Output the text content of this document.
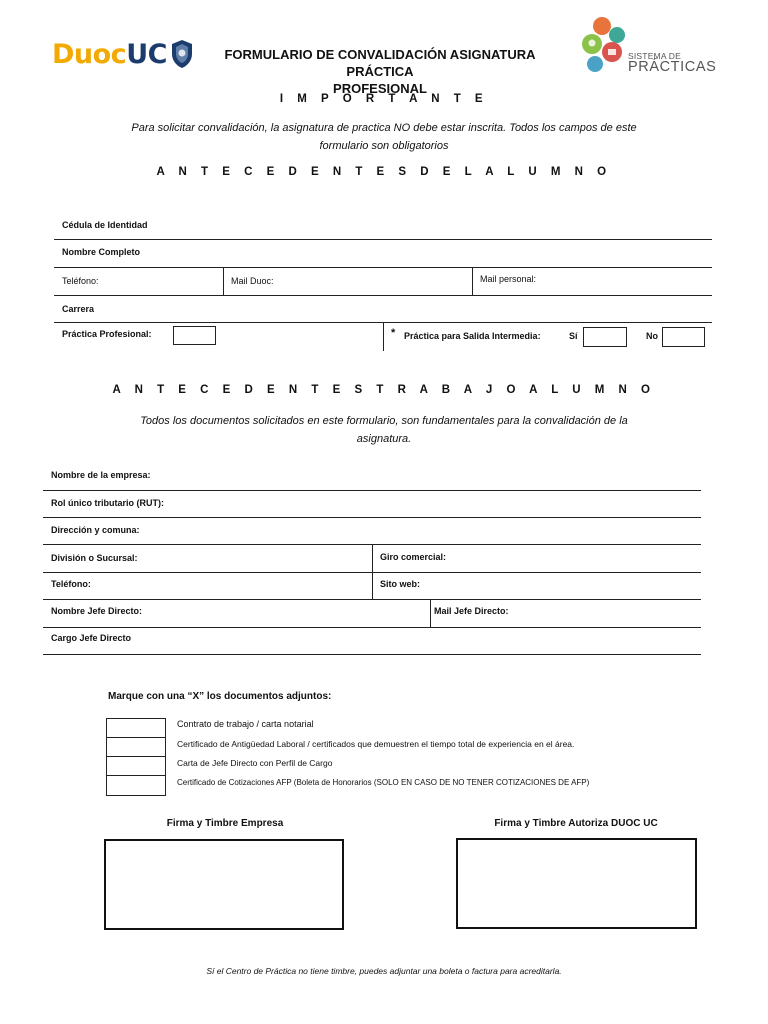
Duoc UC	FORMULARIO DE CONVALIDACIÓN ASIGNATURA PRÁCTICA
PROFESIONAL
SISTEMA DE
PRÁCTICAS
I M P O R T A N T E
Para solicitar convalidación, la asignatura de practica NO debe estar inscrita. Todos los campos de este
formulario son obligatorios
A N T E C E D E N T E S D E L A L U M N O
Cédula de Identidad
Nombre Completo
Teléfono:	Mail Duoc:	Mail personal:
Carrera
Práctica Profesional:	* Práctica para Salida Intermedia:	Sí	No
A N T E C E D E N T E S T R A B A J O A L U M N O
Todos los documentos solicitados en este formulario, son fundamentales para la convalidación de la
asignatura.
Nombre de la empresa:
Rol único tributario (RUT):
Dirección y comuna:
División o Sucursal:	Giro comercial:
Teléfono:	Sito web:
Nombre Jefe Directo:	Mail Jefe Directo:
Cargo Jefe Directo
Marque con una “X” los documentos adjuntos:
Contrato de trabajo / carta notarial
Certificado de Antigüedad Laboral / certificados que demuestren el tiempo total de experiencia en el área.
Carta de Jefe Directo con Perfil de Cargo
Certificado de Cotizaciones AFP (Boleta de Honorarios (SOLO EN CASO DE NO TENER COTIZACIONES DE AFP)
Firma y Timbre Empresa	Firma y Timbre Autoriza DUOC UC
Sí el Centro de Práctica no tiene timbre, puedes adjuntar una boleta o factura para acreditarla.
